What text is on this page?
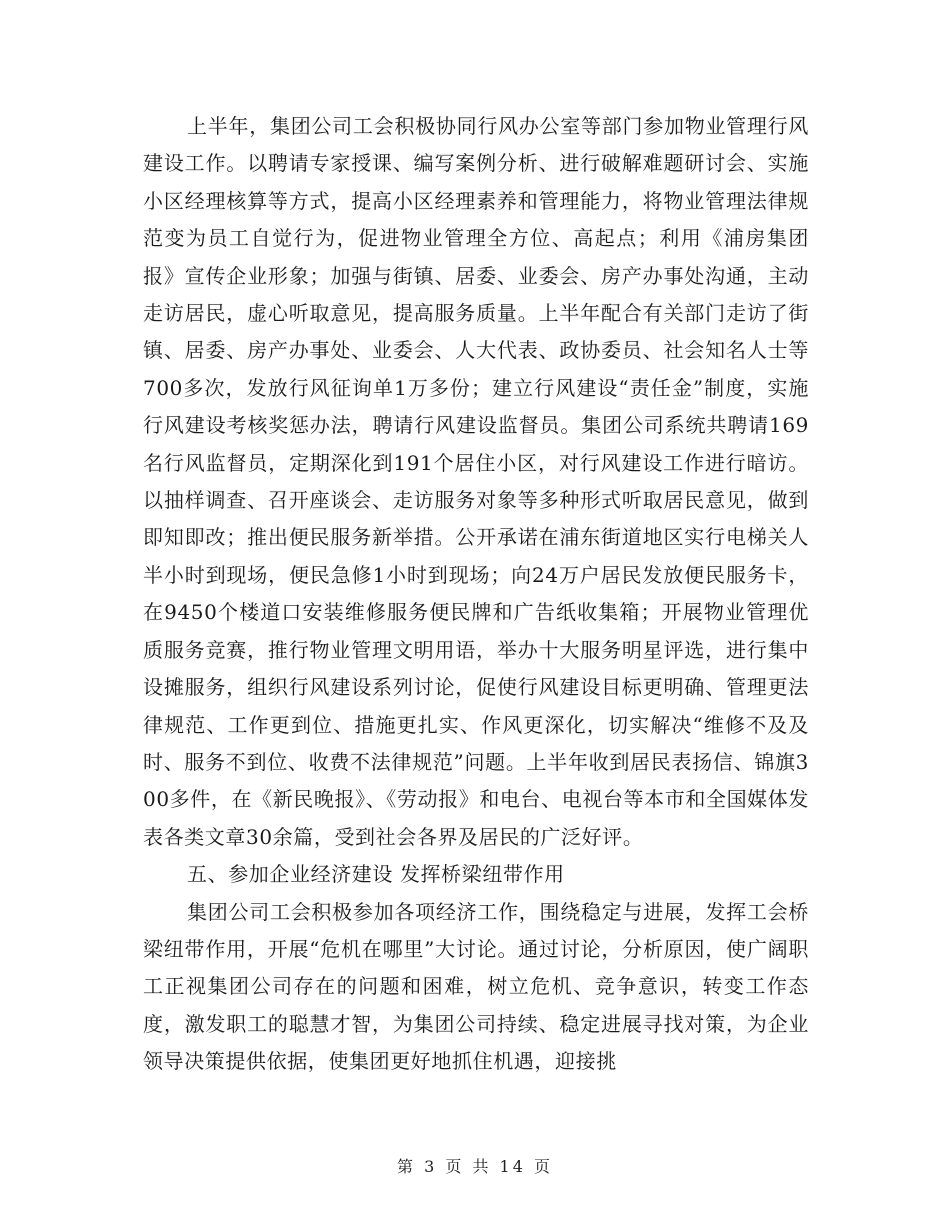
上半年，集团公司工会积极协同行风办公室等部门参加物业管理行风建设工作。以聘请专家授课、编写案例分析、进行破解难题研讨会、实施小区经理核算等方式，提高小区经理素养和管理能力，将物业管理法律规范变为员工自觉行为，促进物业管理全方位、高起点；利用《浦房集团报》宣传企业形象；加强与街镇、居委、业委会、房产办事处沟通，主动走访居民，虚心听取意见，提高服务质量。上半年配合有关部门走访了街镇、居委、房产办事处、业委会、人大代表、政协委员、社会知名人士等700多次，发放行风征询单1万多份；建立行风建设“责任金”制度，实施行风建设考核奖惩办法，聘请行风建设监督员。集团公司系统共聘请169名行风监督员，定期深化到191个居住小区，对行风建设工作进行暗访。以抽样调查、召开座谈会、走访服务对象等多种形式听取居民意见，做到即知即改；推出便民服务新举措。公开承诺在浦东街道地区实行电梯关人半小时到现场，便民急修1小时到现场；向24万户居民发放便民服务卡，在9450个楼道口安装维修服务便民牌和广告纸收集箱；开展物业管理优质服务竞赛，推行物业管理文明用语，举办十大服务明星评选，进行集中设摊服务，组织行风建设系列讨论，促使行风建设目标更明确、管理更法律规范、工作更到位、措施更扎实、作风更深化，切实解决“维修不及及时、服务不到位、收费不法律规范”问题。上半年收到居民表扬信、锦旗300多件，在《新民晚报》、《劳动报》和电台、电视台等本市和全国媒体发表各类文章30余篇，受到社会各界及居民的广泛好评。

五、参加企业经济建设 发挥桥梁纽带作用

集团公司工会积极参加各项经济工作，围绕稳定与进展，发挥工会桥梁纽带作用，开展“危机在哪里”大讨论。通过讨论，分析原因，使广阔职工正视集团公司存在的问题和困难，树立危机、竞争意识，转变工作态度，激发职工的聪慧才智，为集团公司持续、稳定进展寻找对策，为企业领导决策提供依据，使集团更好地抓住机遇，迎接挑

第 3 页 共 14 页
